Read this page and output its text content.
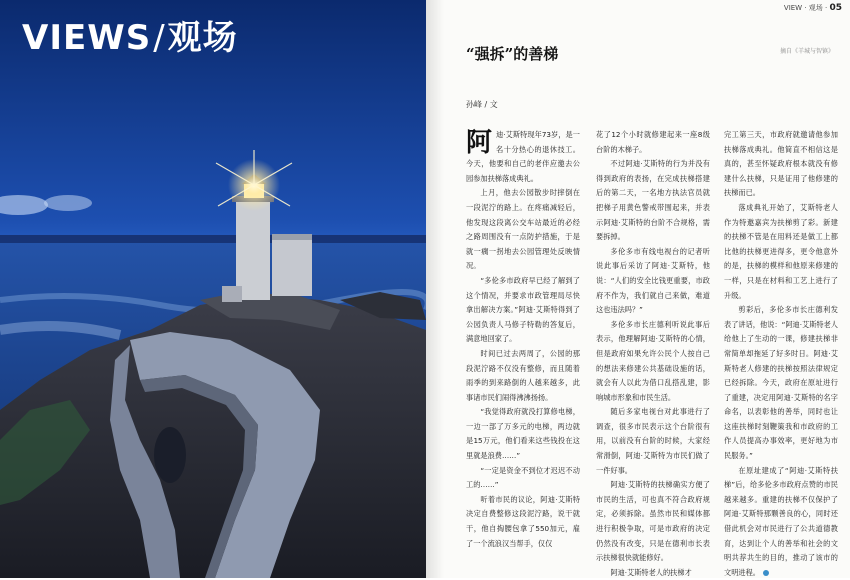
VIEWS/观场
VIEW · 观场 · 05
“强拆”的善梯	摘自《羊城与智镇》
孙峰 / 文

阿迪·艾斯特现年73岁，是一名十分热心的退休技工。今天，他要和自己的老伴应邀去公园参加扶梯落成典礼。

上月，他去公园散步时摔倒在一段泥泞的路上。在疼痛减轻后，他发现这段离公交车站最近的必经之路周围没有一点防护措施，于是就一瘸一拐地去公园管理处反映情况。

“多伦多市政府早已经了解到了这个情况，并要求市政管理局尽快拿出解决方案。”阿迪·艾斯特得到了公园负责人马修子特勒的答复后，满意地回家了。

时间已过去两周了，公园的那段泥泞路不仅没有整修，而且随着雨季的到来路倒的人越来越多，此事诸市民们闹得沸沸扬扬。

“我觉得政府就没打算修电梯，一边一部了万多元的电梯，两边就是15万元，他们看来这些钱投在这里就是浪费……”

“一定是资金不到位才迟迟不动工的……”

听着市民的议论，阿迪·艾斯特决定自费整修这段泥泞路，说干就干，他自掏腰包拿了550加元，雇了一个流浪汉当帮手，仅仅

花了12个小时就修建起来一座8级台阶的木梯子。

不过阿迪·艾斯特的行为并没有得到政府的表扬，在完成扶梯搭建后的第二天，一名地方执法官员就把梯子用黄色警戒带围起来，并表示阿迪·艾斯特的台阶不合规格，需要拆掉。

多伦多市有线电视台的记者听说此事后采访了阿迪·艾斯特，他说：“人们的安全比钱更重要，市政府不作为，我们就自己来做，难道这也违法吗？”

多伦多市长庄德利听说此事后表示，他理解阿迪·艾斯特的心情，但是政府如果允许公民个人按自己的想法来修建公共基础设施的话，就会有人以此为借口乱搭乱建，影响城市形象和市民生活。

随后多家电视台对此事进行了调查，很多市民表示这个台阶很有用，以前没有台阶的时候，大家经常滑倒，阿迪·艾斯特为市民们做了一件好事。

阿迪·艾斯特的扶梯确实方便了市民的生活，可也真不符合政府规定，必须拆除。虽然市民和媒体都进行积极争取，可是市政府的决定仍然没有改变，只是在德利市长表示扶梯很快就能修好。

阿迪·艾斯特老人的扶梯才

完工第三天，市政府就邀请他参加扶梯落成典礼。他简直不相信这是真的，甚至怀疑政府根本就没有修建什么扶梯，只是证用了他修建的扶梯而已。

落成典礼开始了，艾斯特老人作为特邀嘉宾为扶梯剪了彩。新建的扶梯不管是在用料还是做工上都比他的扶梯更进得多，更令他意外的是，扶梯的模样和他原来修建的一样，只是在材料和工艺上进行了升级。

剪彩后，多伦多市长庄德利发表了讲话，他说：“阿迪·艾斯特老人给他上了生动的一课，修建扶梯非常简单却拖延了好多时日。阿迪·艾斯特老人修建的扶梯按照法律规定已经拆除。今天，政府在原址进行了重建，决定用阿迪·艾斯特的名字命名，以表彰他的善举，同时也让这座扶梯时刻鞭策我和市政府的工作人员提高办事效率，更好地为市民服务。”

在原址建成了“阿迪·艾斯特扶梯”后，给多伦多市政府点赞的市民越来越多。重建的扶梯不仅保护了阿迪·艾斯特那颗善良的心，同时还借此机会对市民进行了公共道德教育，达到让个人的善举和社会的文明共荐共生的目的，推动了该市的文明进程。
